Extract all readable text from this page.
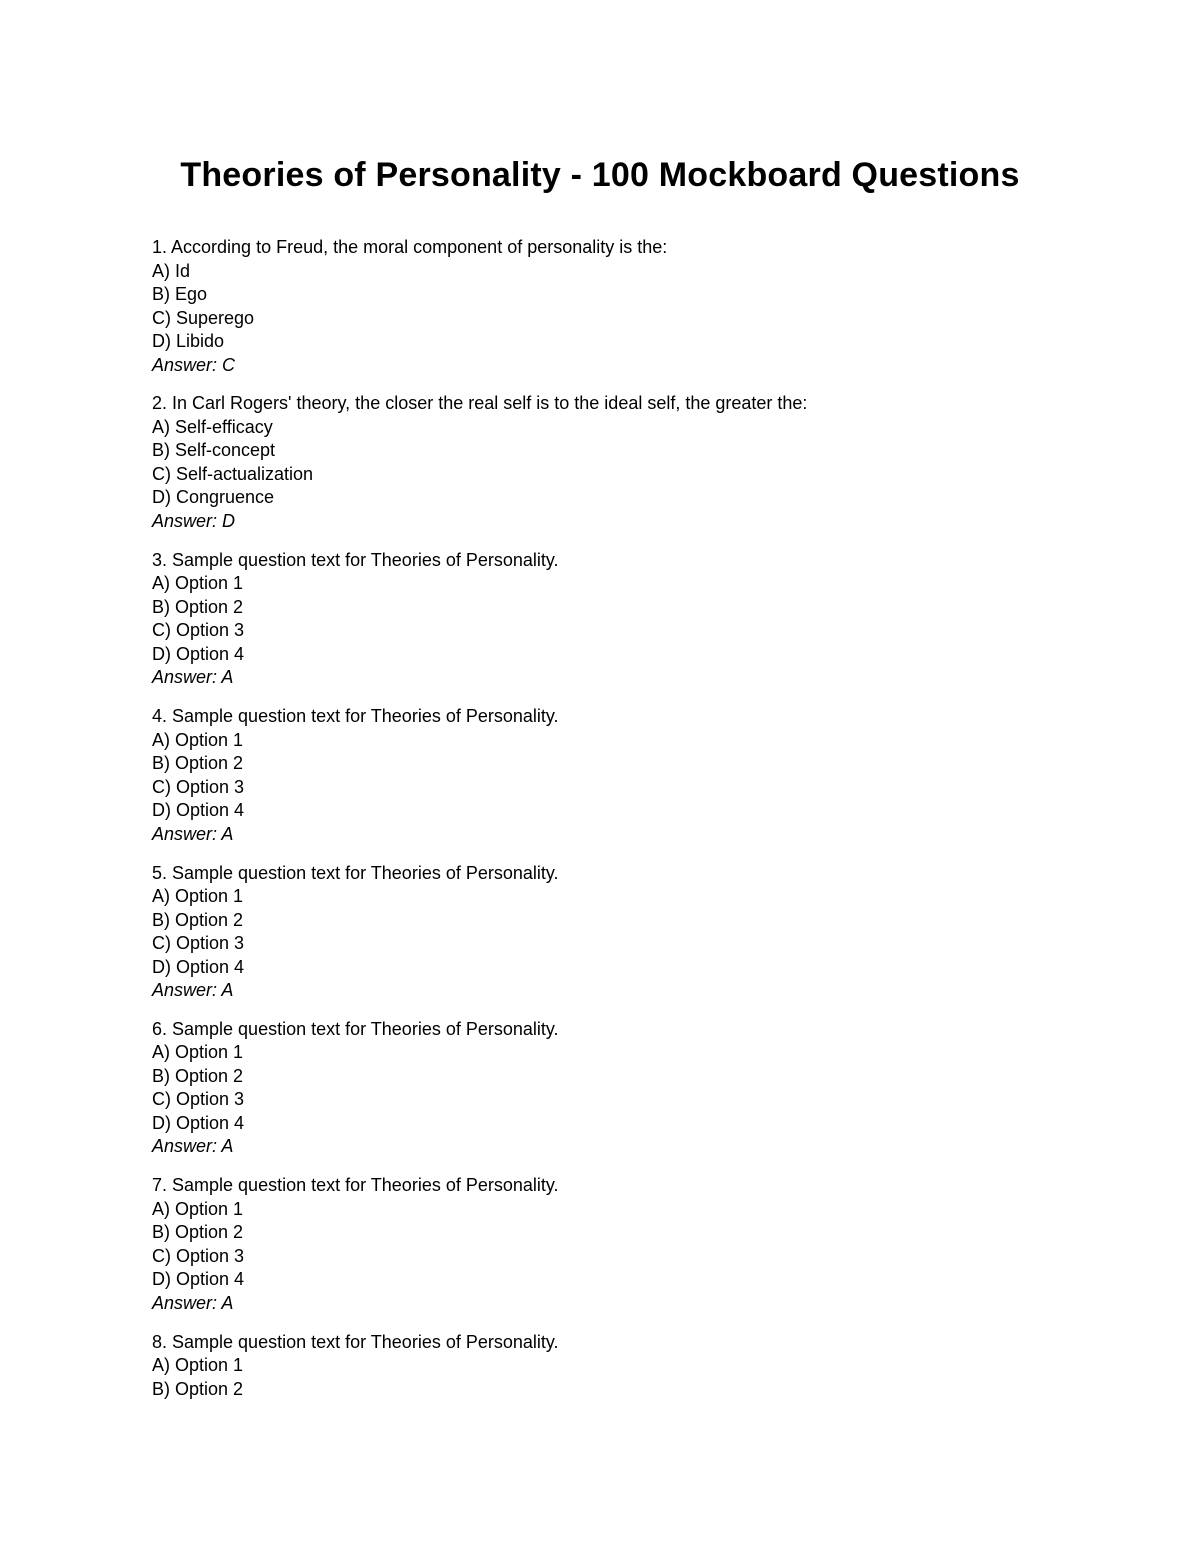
Theories of Personality - 100 Mockboard Questions
1. According to Freud, the moral component of personality is the:
A) Id
B) Ego
C) Superego
D) Libido
Answer: C
2. In Carl Rogers' theory, the closer the real self is to the ideal self, the greater the:
A) Self-efficacy
B) Self-concept
C) Self-actualization
D) Congruence
Answer: D
3. Sample question text for Theories of Personality.
A) Option 1
B) Option 2
C) Option 3
D) Option 4
Answer: A
4. Sample question text for Theories of Personality.
A) Option 1
B) Option 2
C) Option 3
D) Option 4
Answer: A
5. Sample question text for Theories of Personality.
A) Option 1
B) Option 2
C) Option 3
D) Option 4
Answer: A
6. Sample question text for Theories of Personality.
A) Option 1
B) Option 2
C) Option 3
D) Option 4
Answer: A
7. Sample question text for Theories of Personality.
A) Option 1
B) Option 2
C) Option 3
D) Option 4
Answer: A
8. Sample question text for Theories of Personality.
A) Option 1
B) Option 2
